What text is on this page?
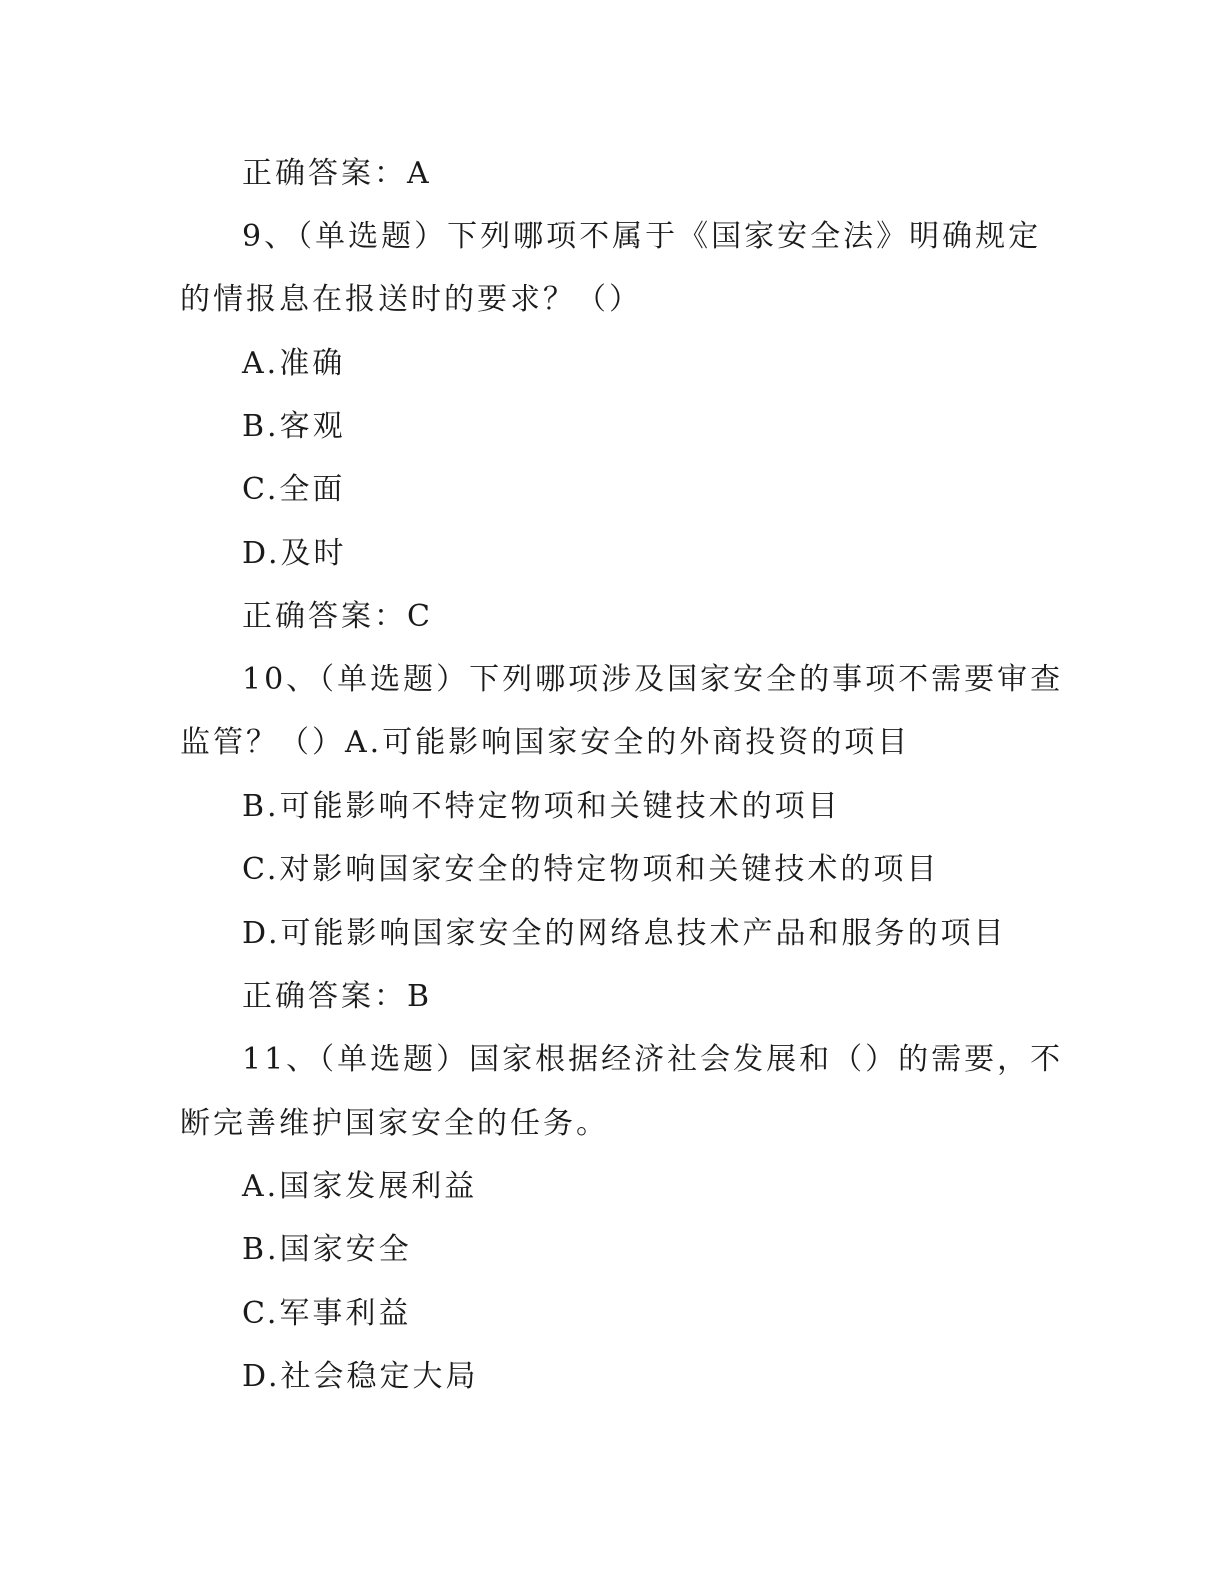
正确答案：A
9、（单选题）下列哪项不属于《国家安全法》明确规定
的情报息在报送时的要求？（）
A.准确
B.客观
C.全面
D.及时
正确答案：C
10、（单选题）下列哪项涉及国家安全的事项不需要审查
监管？（）A.可能影响国家安全的外商投资的项目
B.可能影响不特定物项和关键技术的项目
C.对影响国家安全的特定物项和关键技术的项目
D.可能影响国家安全的网络息技术产品和服务的项目
正确答案：B
11、（单选题）国家根据经济社会发展和（）的需要，不
断完善维护国家安全的任务。
A.国家发展利益
B.国家安全
C.军事利益
D.社会稳定大局
